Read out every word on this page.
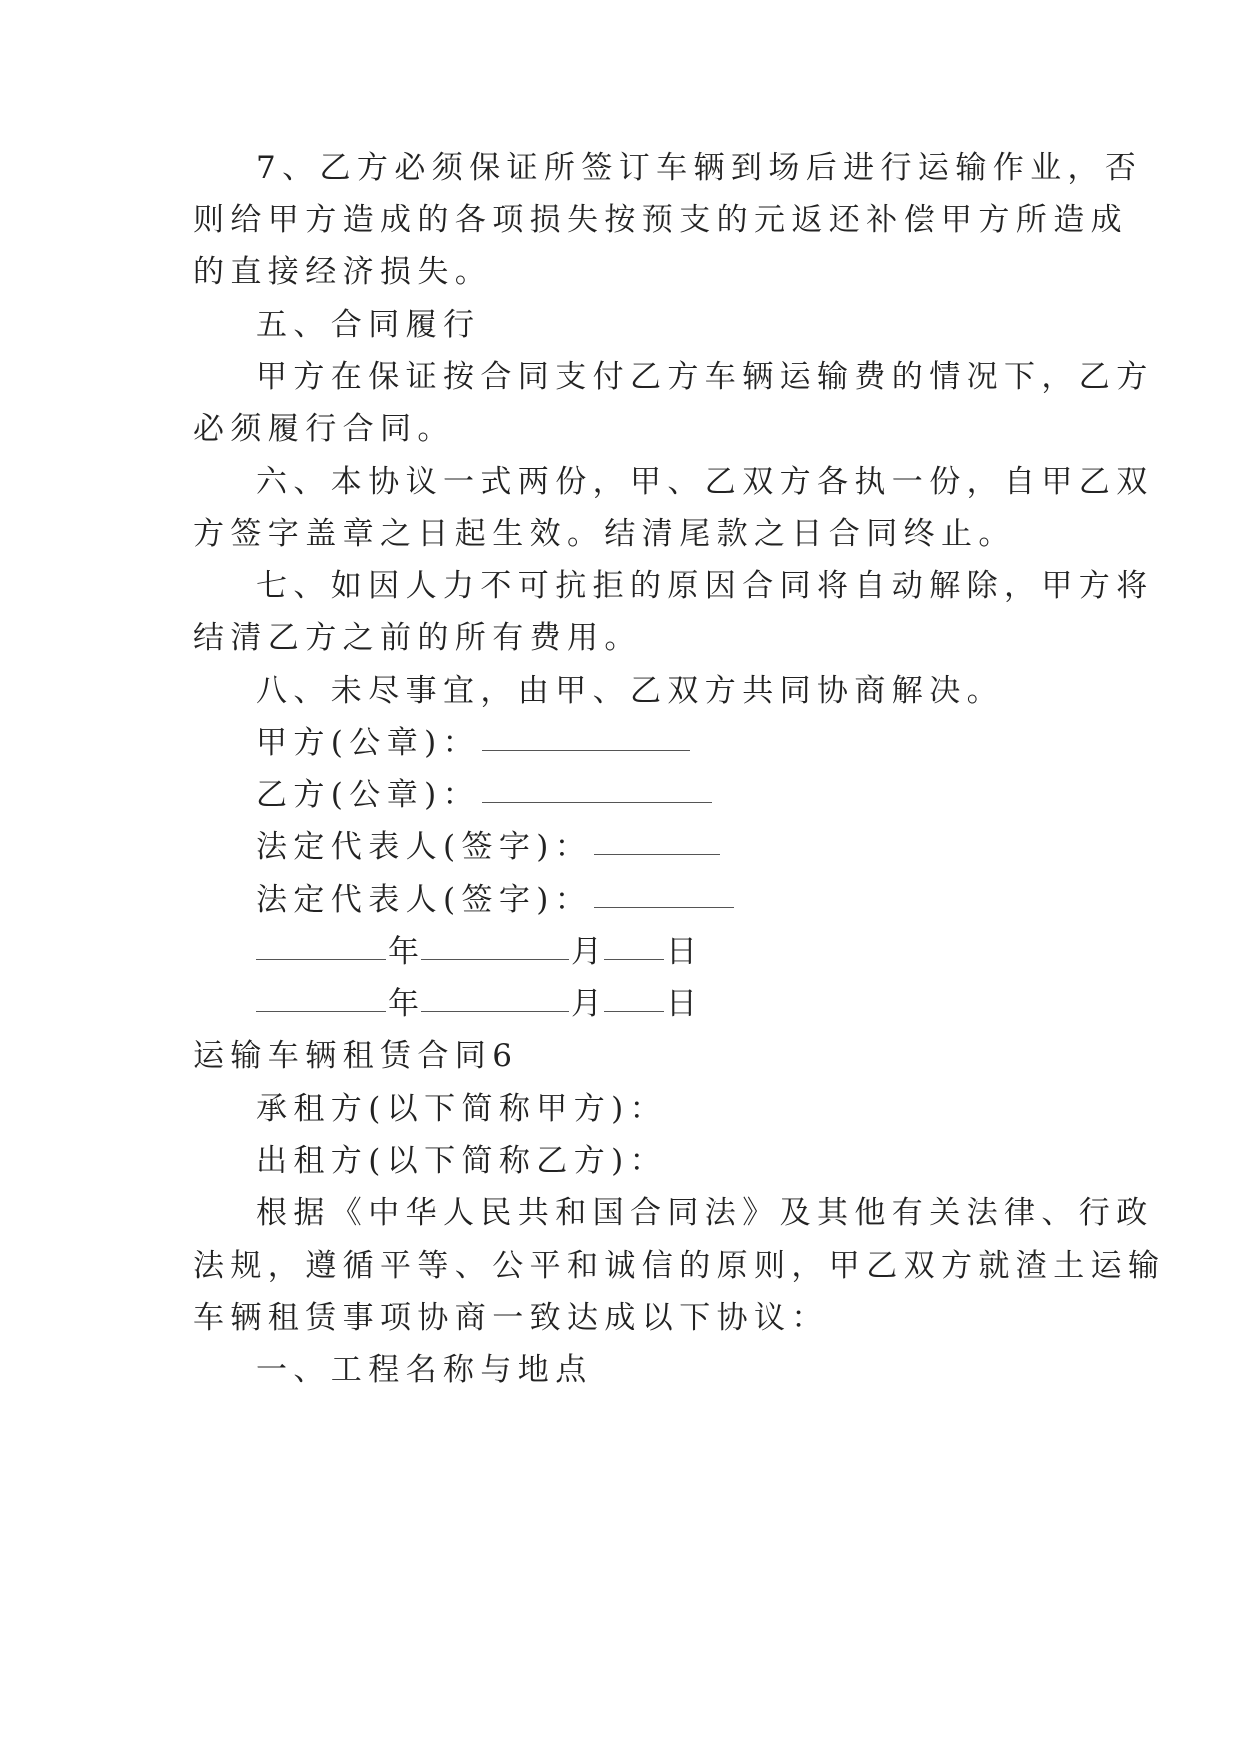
7、乙方必须保证所签订车辆到场后进行运输作业，否
则给甲方造成的各项损失按预支的元返还补偿甲方所造成
的直接经济损失。
五、合同履行
甲方在保证按合同支付乙方车辆运输费的情况下，乙方
必须履行合同。
六、本协议一式两份，甲、乙双方各执一份，自甲乙双
方签字盖章之日起生效。结清尾款之日合同终止。
七、如因人力不可抗拒的原因合同将自动解除，甲方将
结清乙方之前的所有费用。
八、未尽事宜，由甲、乙双方共同协商解决。
甲方(公章)：
乙方(公章)：
法定代表人(签字)：
法定代表人(签字)：
年	月 日
年	月 日
运输车辆租赁合同6
承租方(以下简称甲方)：
出租方(以下简称乙方)：
根据《中华人民共和国合同法》及其他有关法律、行政
法规，遵循平等、公平和诚信的原则，甲乙双方就渣土运输
车辆租赁事项协商一致达成以下协议：
一、工程名称与地点
